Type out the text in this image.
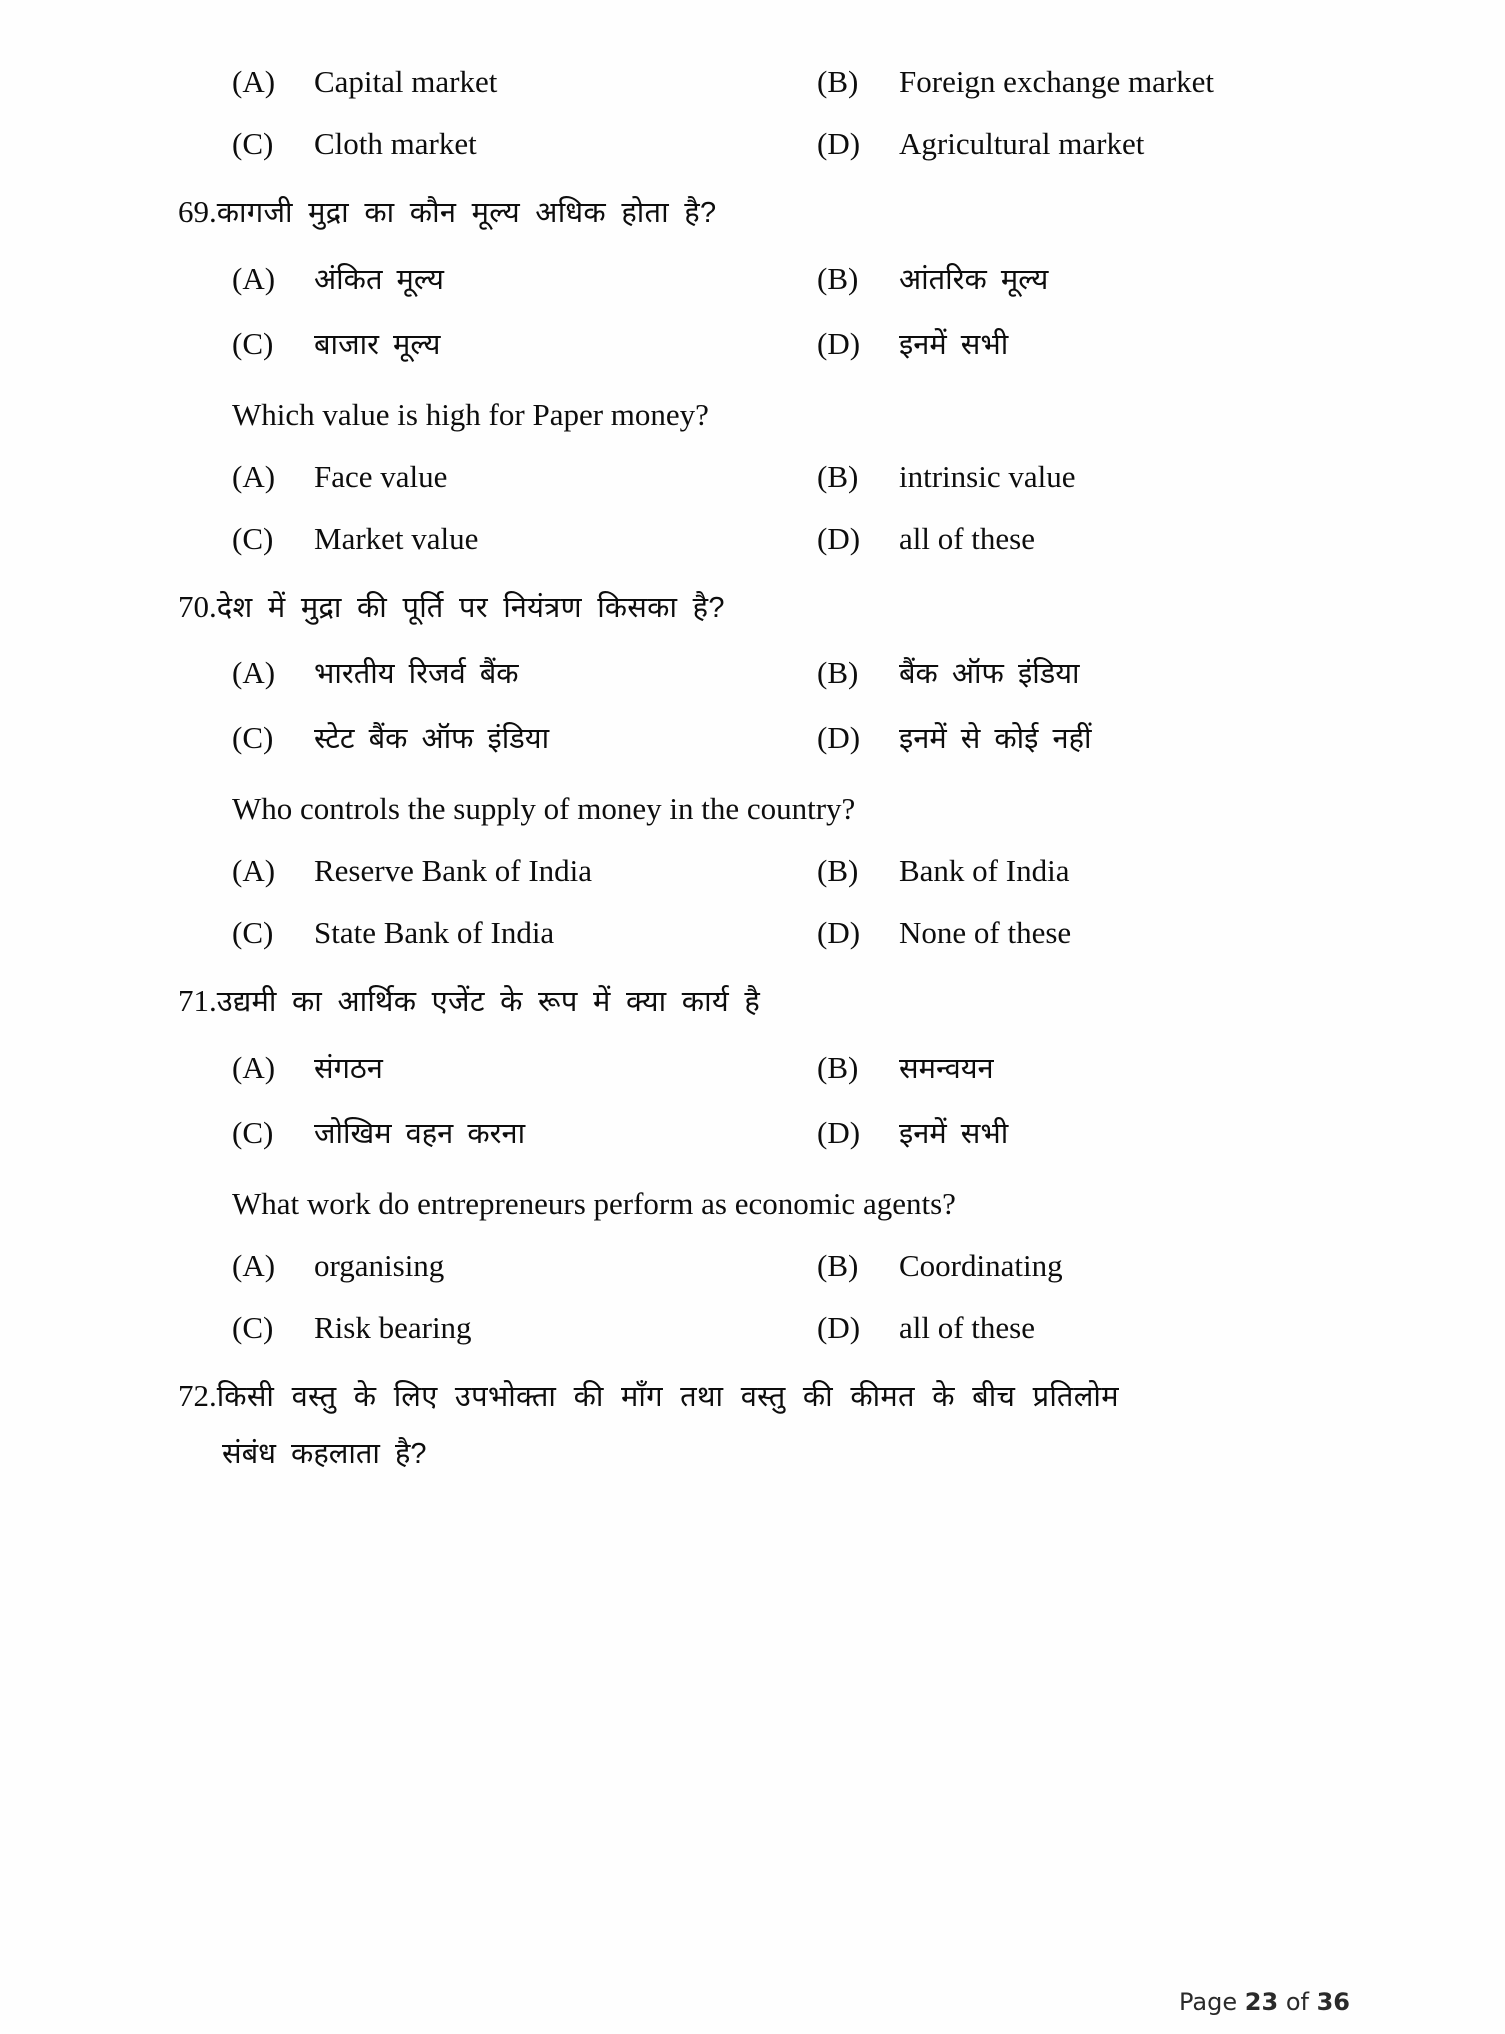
(A)	Capital market	(B)	Foreign exchange market
(C)	Cloth market	(D)	Agricultural market
69. कागजी मुद्रा का कौन मूल्य अधिक होता है?
(A)	अंकित मूल्य	(B)	आंतरिक मूल्य
(C)	बाजार मूल्य	(D)	इनमें सभी
Which value is high for Paper money?
(A)	Face value	(B)	intrinsic value
(C)	Market value	(D)	all of these
70. देश में मुद्रा की पूर्ति पर नियंत्रण किसका है?
(A)	भारतीय रिजर्व बैंक	(B)	बैंक ऑफ इंडिया
(C)	स्टेट बैंक ऑफ इंडिया	(D)	इनमें से कोई नहीं
Who controls the supply of money in the country?
(A)	Reserve Bank of India	(B)	Bank of India
(C)	State Bank of India	(D)	None of these
71. उद्यमी का आर्थिक एजेंट के रूप में क्या कार्य है
(A)	संगठन	(B)	समन्वयन
(C)	जोखिम वहन करना	(D)	इनमें सभी
What work do entrepreneurs perform as economic agents?
(A)	organising	(B)	Coordinating
(C)	Risk bearing	(D)	all of these
72. किसी वस्तु के लिए उपभोक्ता की माँग तथा वस्तु की कीमत के बीच प्रतिलोम
संबंध कहलाता है?
Page 23 of 36
